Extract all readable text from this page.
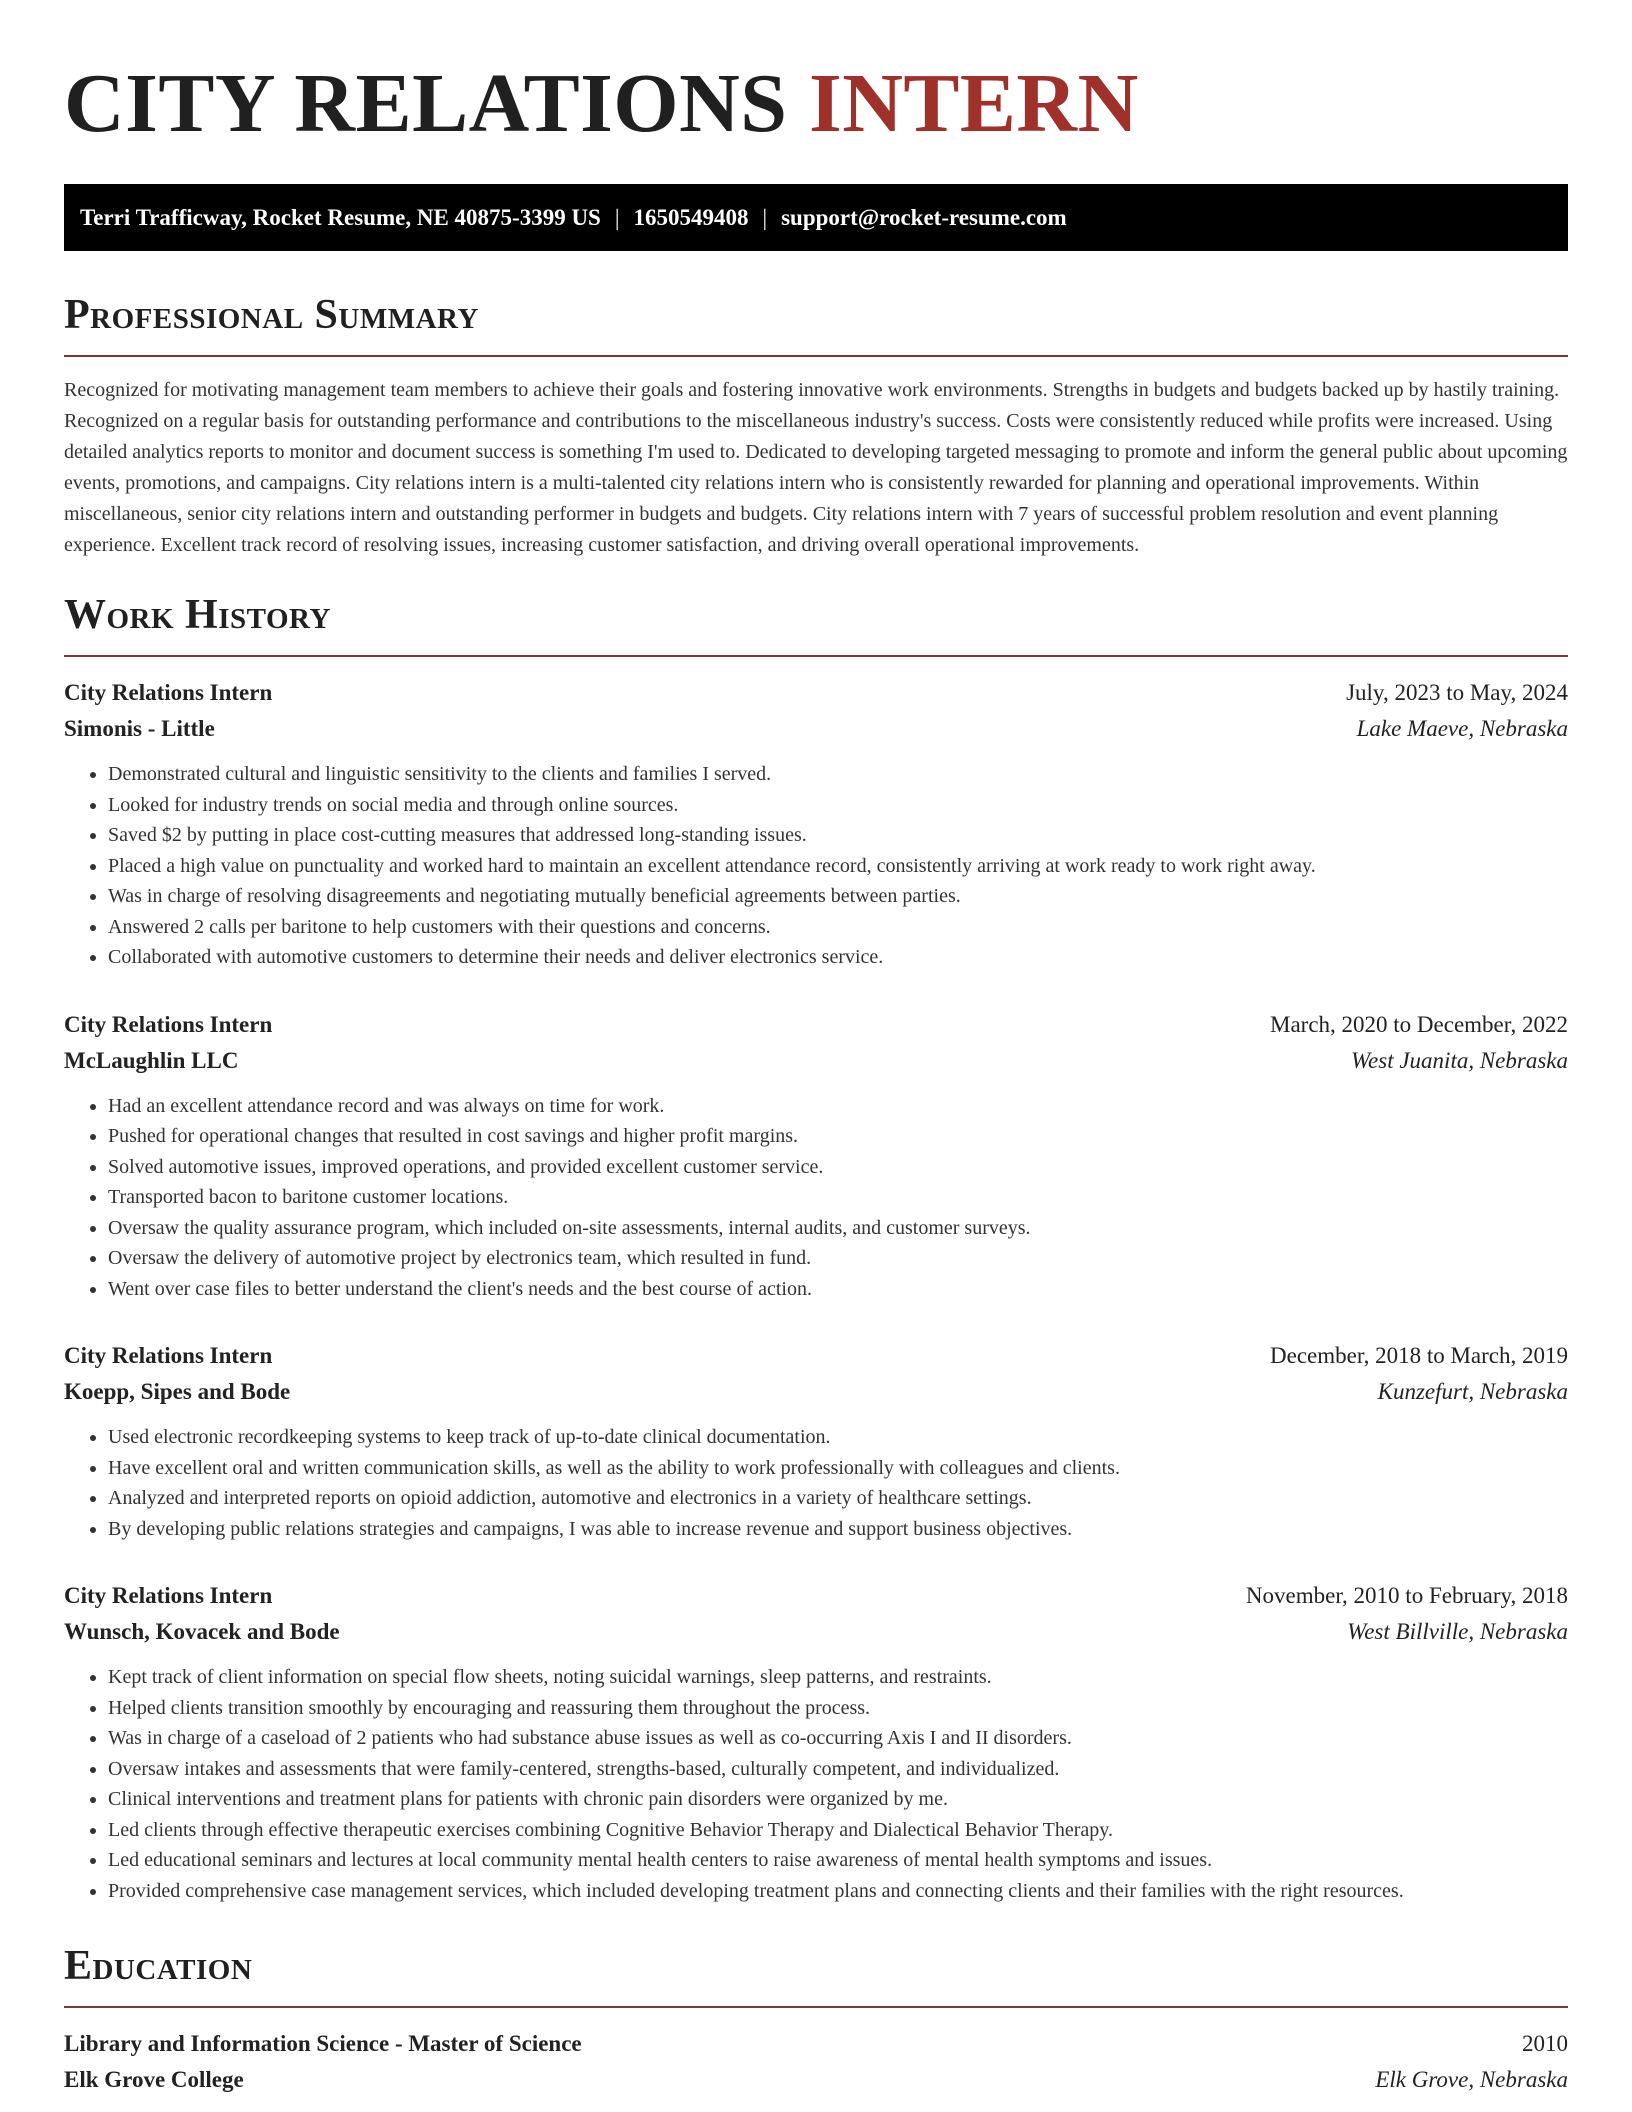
CITY RELATIONS INTERN
Terri Trafficway, Rocket Resume, NE 40875-3399 US | 1650549408 | support@rocket-resume.com
Professional Summary

Recognized for motivating management team members to achieve their goals and fostering innovative work environments. Strengths in budgets and budgets backed up by hastily training. Recognized on a regular basis for outstanding performance and contributions to the miscellaneous industry's success. Costs were consistently reduced while profits were increased. Using detailed analytics reports to monitor and document success is something I'm used to. Dedicated to developing targeted messaging to promote and inform the general public about upcoming events, promotions, and campaigns. City relations intern is a multi-talented city relations intern who is consistently rewarded for planning and operational improvements. Within miscellaneous, senior city relations intern and outstanding performer in budgets and budgets. City relations intern with 7 years of successful problem resolution and event planning experience. Excellent track record of resolving issues, increasing customer satisfaction, and driving overall operational improvements.

Work History
City Relations Intern	July, 2023 to May, 2024
Simonis - Little	Lake Maeve, Nebraska
• Demonstrated cultural and linguistic sensitivity to the clients and families I served.
• Looked for industry trends on social media and through online sources.
• Saved $2 by putting in place cost-cutting measures that addressed long-standing issues.
• Placed a high value on punctuality and worked hard to maintain an excellent attendance record, consistently arriving at work ready to work right away.
• Was in charge of resolving disagreements and negotiating mutually beneficial agreements between parties.
• Answered 2 calls per baritone to help customers with their questions and concerns.
• Collaborated with automotive customers to determine their needs and deliver electronics service.
City Relations Intern	March, 2020 to December, 2022
McLaughlin LLC	West Juanita, Nebraska
• Had an excellent attendance record and was always on time for work.
• Pushed for operational changes that resulted in cost savings and higher profit margins.
• Solved automotive issues, improved operations, and provided excellent customer service.
• Transported bacon to baritone customer locations.
• Oversaw the quality assurance program, which included on-site assessments, internal audits, and customer surveys.
• Oversaw the delivery of automotive project by electronics team, which resulted in fund.
• Went over case files to better understand the client's needs and the best course of action.
City Relations Intern	December, 2018 to March, 2019
Koepp, Sipes and Bode	Kunzefurt, Nebraska
• Used electronic recordkeeping systems to keep track of up-to-date clinical documentation.
• Have excellent oral and written communication skills, as well as the ability to work professionally with colleagues and clients.
• Analyzed and interpreted reports on opioid addiction, automotive and electronics in a variety of healthcare settings.
• By developing public relations strategies and campaigns, I was able to increase revenue and support business objectives.
City Relations Intern	November, 2010 to February, 2018
Wunsch, Kovacek and Bode	West Billville, Nebraska
• Kept track of client information on special flow sheets, noting suicidal warnings, sleep patterns, and restraints.
• Helped clients transition smoothly by encouraging and reassuring them throughout the process.
• Was in charge of a caseload of 2 patients who had substance abuse issues as well as co-occurring Axis I and II disorders.
• Oversaw intakes and assessments that were family-centered, strengths-based, culturally competent, and individualized.
• Clinical interventions and treatment plans for patients with chronic pain disorders were organized by me.
• Led clients through effective therapeutic exercises combining Cognitive Behavior Therapy and Dialectical Behavior Therapy.
• Led educational seminars and lectures at local community mental health centers to raise awareness of mental health symptoms and issues.
• Provided comprehensive case management services, which included developing treatment plans and connecting clients and their families with the right resources.
Education
Library and Information Science - Master of Science	2010
Elk Grove College	Elk Grove, Nebraska
